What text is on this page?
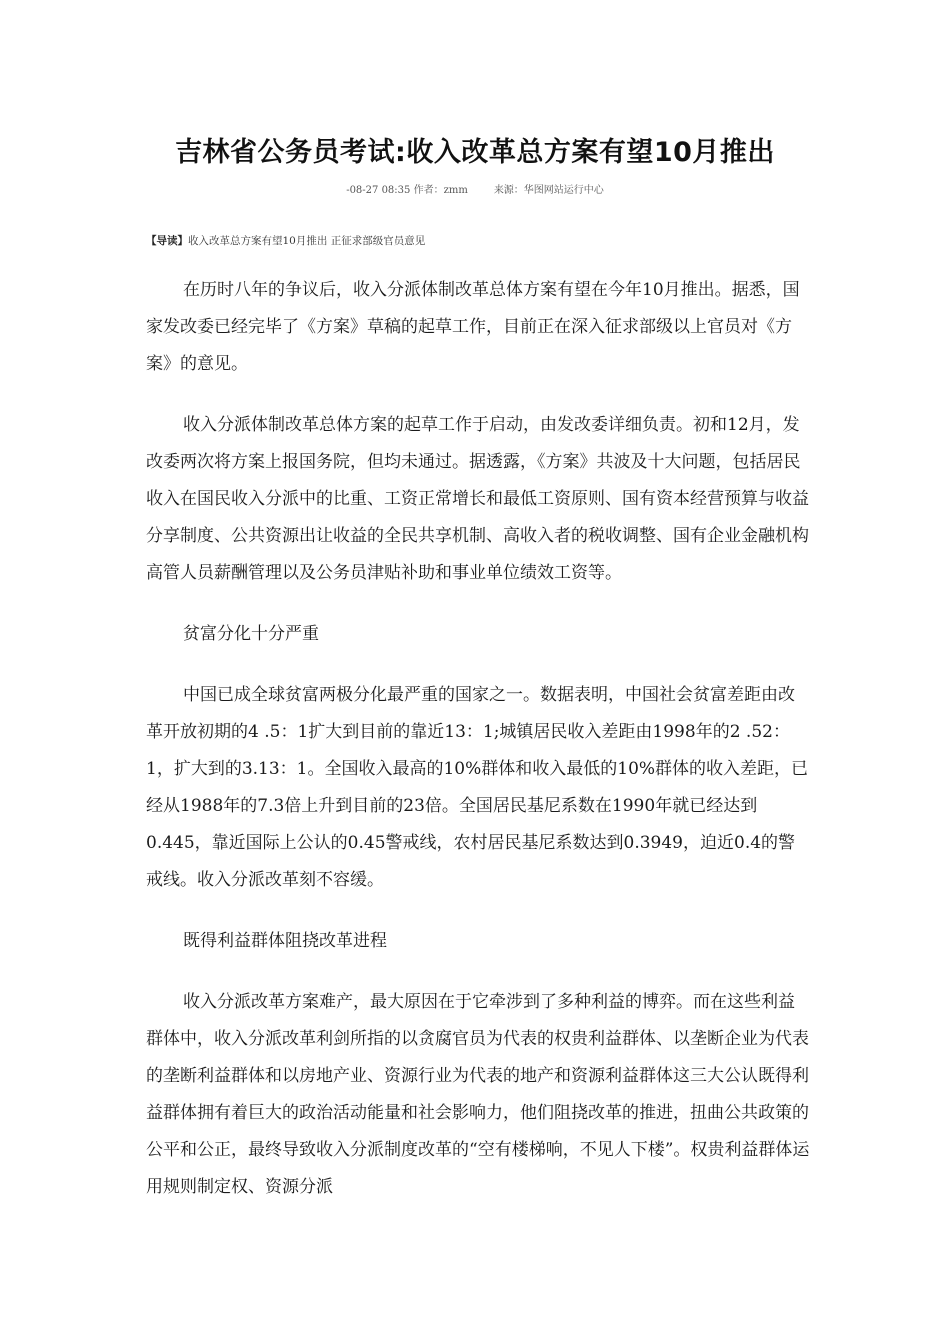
吉林省公务员考试:收入改革总方案有望10月推出
-08-27 08:35 作者：zmm	来源：华图网站运行中心
【导读】收入改革总方案有望10月推出 正征求部级官员意见

在历时八年的争议后，收入分派体制改革总体方案有望在今年10月推出。据悉，国家发改委已经完毕了《方案》草稿的起草工作，目前正在深入征求部级以上官员对《方案》的意见。

收入分派体制改革总体方案的起草工作于启动，由发改委详细负责。初和12月，发改委两次将方案上报国务院，但均未通过。据透露，《方案》共波及十大问题，包括居民收入在国民收入分派中的比重、工资正常增长和最低工资原则、国有资本经营预算与收益分享制度、公共资源出让收益的全民共享机制、高收入者的税收调整、国有企业金融机构高管人员薪酬管理以及公务员津贴补助和事业单位绩效工资等。

贫富分化十分严重

中国已成全球贫富两极分化最严重的国家之一。数据表明，中国社会贫富差距由改革开放初期的4 .5：1扩大到目前的靠近13：1;城镇居民收入差距由1998年的2 .52：1，扩大到的3.13：1。全国收入最高的10%群体和收入最低的10%群体的收入差距，已经从1988年的7.3倍上升到目前的23倍。全国居民基尼系数在1990年就已经达到0.445，靠近国际上公认的0.45警戒线，农村居民基尼系数达到0.3949，迫近0.4的警戒线。收入分派改革刻不容缓。

既得利益群体阻挠改革进程

收入分派改革方案难产，最大原因在于它牵涉到了多种利益的博弈。而在这些利益群体中，收入分派改革利剑所指的以贪腐官员为代表的权贵利益群体、以垄断企业为代表的垄断利益群体和以房地产业、资源行业为代表的地产和资源利益群体这三大公认既得利益群体拥有着巨大的政治活动能量和社会影响力，他们阻挠改革的推进，扭曲公共政策的公平和公正，最终导致收入分派制度改革的“空有楼梯响，不见人下楼”。权贵利益群体运用规则制定权、资源分派
